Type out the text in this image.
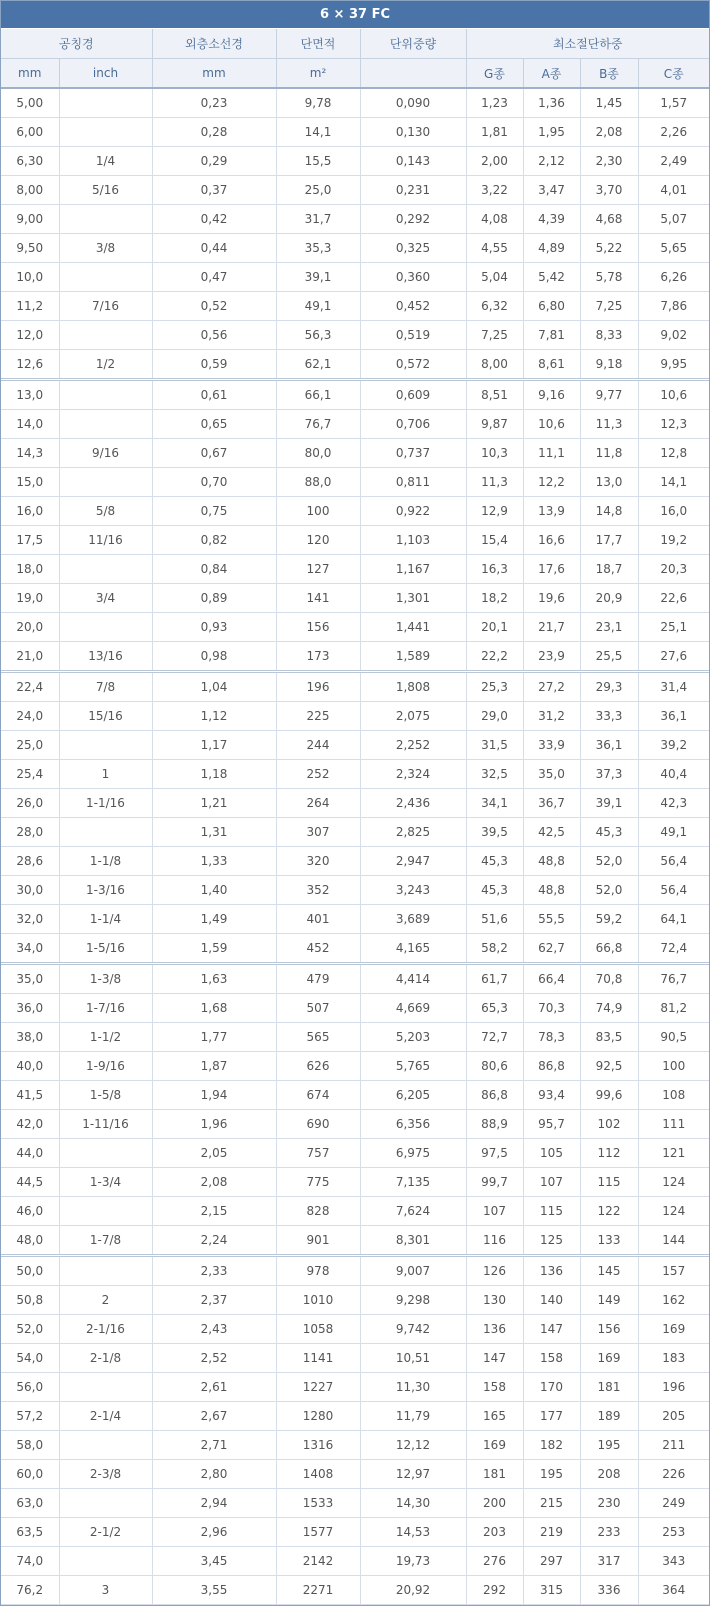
6 × 37 FC
공칭경		외층소선경	단면적	단위중량	최소절단하중			
mm	inch	mm	m²		G종	A종	B종	C종
5,00		0,23	9,78	0,090	1,23	1,36	1,45	1,57
6,00		0,28	14,1	0,130	1,81	1,95	2,08	2,26
6,30	1/4	0,29	15,5	0,143	2,00	2,12	2,30	2,49
8,00	5/16	0,37	25,0	0,231	3,22	3,47	3,70	4,01
9,00		0,42	31,7	0,292	4,08	4,39	4,68	5,07
9,50	3/8	0,44	35,3	0,325	4,55	4,89	5,22	5,65
10,0		0,47	39,1	0,360	5,04	5,42	5,78	6,26
11,2	7/16	0,52	49,1	0,452	6,32	6,80	7,25	7,86
12,0		0,56	56,3	0,519	7,25	7,81	8,33	9,02
12,6	1/2	0,59	62,1	0,572	8,00	8,61	9,18	9,95
13,0		0,61	66,1	0,609	8,51	9,16	9,77	10,6
14,0		0,65	76,7	0,706	9,87	10,6	11,3	12,3
14,3	9/16	0,67	80,0	0,737	10,3	11,1	11,8	12,8
15,0		0,70	88,0	0,811	11,3	12,2	13,0	14,1
16,0	5/8	0,75	100	0,922	12,9	13,9	14,8	16,0
17,5	11/16	0,82	120	1,103	15,4	16,6	17,7	19,2
18,0		0,84	127	1,167	16,3	17,6	18,7	20,3
19,0	3/4	0,89	141	1,301	18,2	19,6	20,9	22,6
20,0		0,93	156	1,441	20,1	21,7	23,1	25,1
21,0	13/16	0,98	173	1,589	22,2	23,9	25,5	27,6
22,4	7/8	1,04	196	1,808	25,3	27,2	29,3	31,4
24,0	15/16	1,12	225	2,075	29,0	31,2	33,3	36,1
25,0		1,17	244	2,252	31,5	33,9	36,1	39,2
25,4	1	1,18	252	2,324	32,5	35,0	37,3	40,4
26,0	1-1/16	1,21	264	2,436	34,1	36,7	39,1	42,3
28,0		1,31	307	2,825	39,5	42,5	45,3	49,1
28,6	1-1/8	1,33	320	2,947	45,3	48,8	52,0	56,4
30,0	1-3/16	1,40	352	3,243	45,3	48,8	52,0	56,4
32,0	1-1/4	1,49	401	3,689	51,6	55,5	59,2	64,1
34,0	1-5/16	1,59	452	4,165	58,2	62,7	66,8	72,4
35,0	1-3/8	1,63	479	4,414	61,7	66,4	70,8	76,7
36,0	1-7/16	1,68	507	4,669	65,3	70,3	74,9	81,2
38,0	1-1/2	1,77	565	5,203	72,7	78,3	83,5	90,5
40,0	1-9/16	1,87	626	5,765	80,6	86,8	92,5	100
41,5	1-5/8	1,94	674	6,205	86,8	93,4	99,6	108
42,0	1-11/16	1,96	690	6,356	88,9	95,7	102	111
44,0		2,05	757	6,975	97,5	105	112	121
44,5	1-3/4	2,08	775	7,135	99,7	107	115	124
46,0		2,15	828	7,624	107	115	122	124
48,0	1-7/8	2,24	901	8,301	116	125	133	144
50,0		2,33	978	9,007	126	136	145	157
50,8	2	2,37	1010	9,298	130	140	149	162
52,0	2-1/16	2,43	1058	9,742	136	147	156	169
54,0	2-1/8	2,52	1141	10,51	147	158	169	183
56,0		2,61	1227	11,30	158	170	181	196
57,2	2-1/4	2,67	1280	11,79	165	177	189	205
58,0		2,71	1316	12,12	169	182	195	211
60,0	2-3/8	2,80	1408	12,97	181	195	208	226
63,0		2,94	1533	14,30	200	215	230	249
63,5	2-1/2	2,96	1577	14,53	203	219	233	253
74,0		3,45	2142	19,73	276	297	317	343
76,2	3	3,55	2271	20,92	292	315	336	364
